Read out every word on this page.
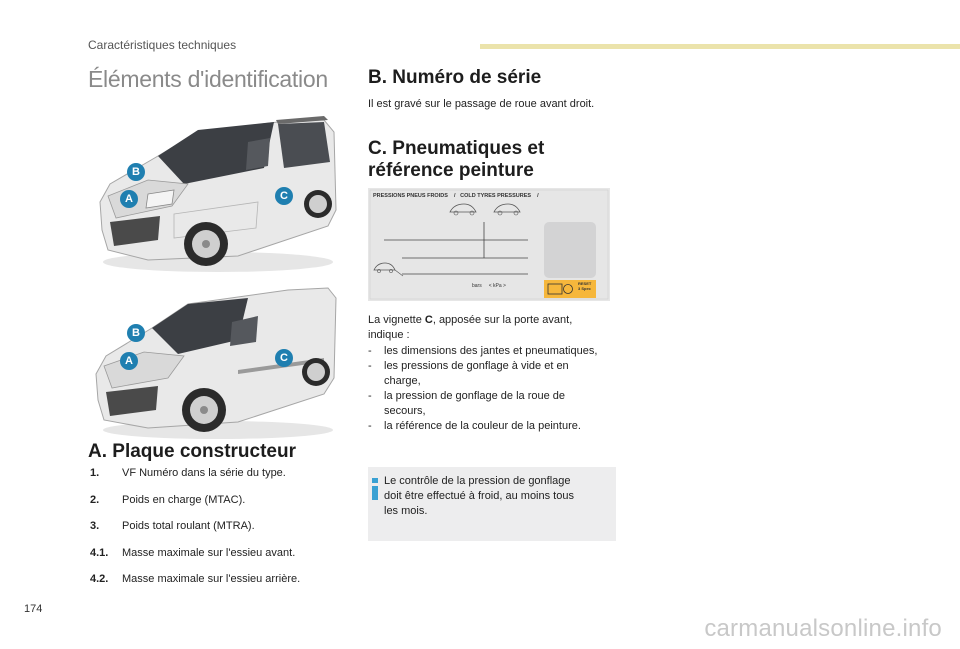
Caractéristiques techniques
Éléments d'identification
B
A	C
B
A	C
A. Plaque constructeur
1. VF Numéro dans la série du type.
2. Poids en charge (MTAC).
3. Poids total roulant (MTRA).
4.1. Masse maximale sur l'essieu avant.
4.2. Masse maximale sur l'essieu arrière.
B. Numéro de série
Il est gravé sur le passage de roue avant droit.
C. Pneumatiques et
référence peinture
PRESSIONS PNEUS FROIDS / COLD TYRES PRESSURES /
bars < kPa >	RESET
3 Spec
La vignette C, apposée sur la porte avant,
indique :
- les dimensions des jantes et pneumatiques,
- les pressions de gonflage à vide et en
charge,
- la pression de gonflage de la roue de
secours,
- la référence de la couleur de la peinture.
Le contrôle de la pression de gonflage
doit être effectué à froid, au moins tous
les mois.
174
carmanualsonline.info
